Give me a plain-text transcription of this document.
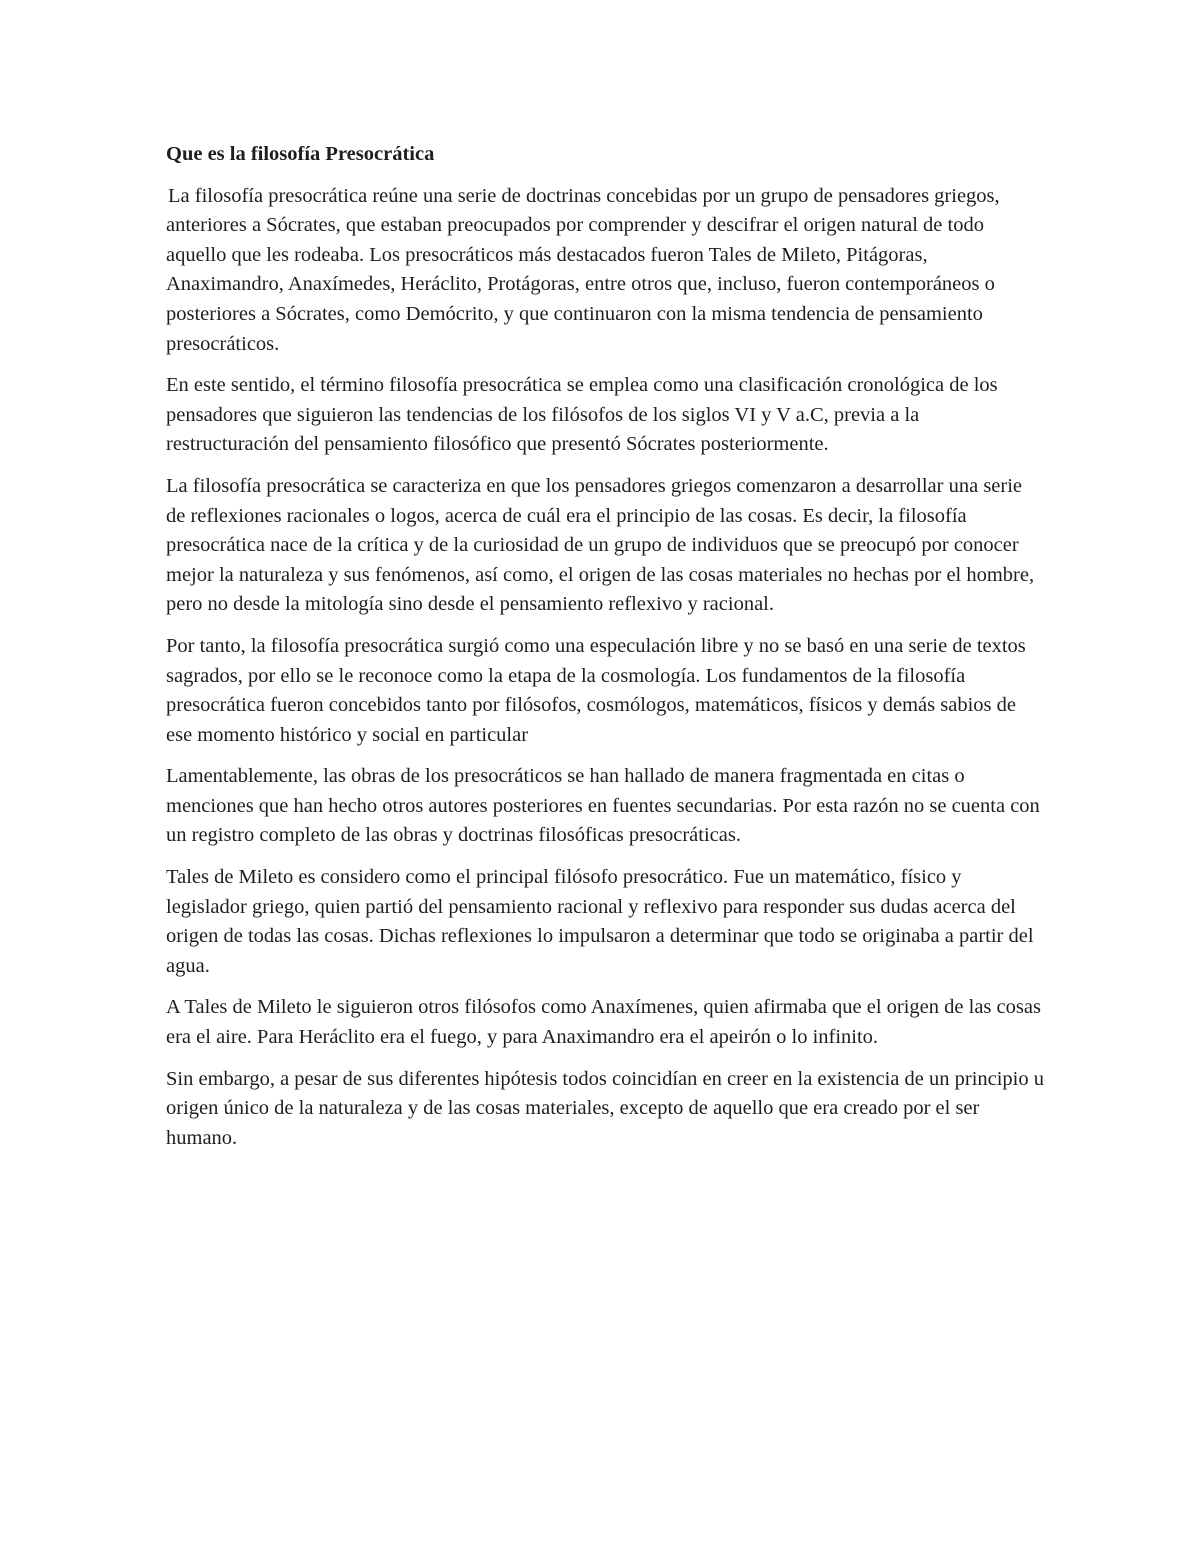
Que es la filosofía Presocrática

La filosofía presocrática reúne una serie de doctrinas concebidas por un grupo de pensadores griegos, anteriores a Sócrates, que estaban preocupados por comprender y descifrar el origen natural de todo aquello que les rodeaba. Los presocráticos más destacados fueron Tales de Mileto, Pitágoras, Anaximandro, Anaxímedes, Heráclito, Protágoras, entre otros que, incluso, fueron contemporáneos o posteriores a Sócrates, como Demócrito, y que continuaron con la misma tendencia de pensamiento presocráticos.

En este sentido, el término filosofía presocrática se emplea como una clasificación cronológica de los pensadores que siguieron las tendencias de los filósofos de los siglos VI y V a.C, previa a la restructuración del pensamiento filosófico que presentó Sócrates posteriormente.

La filosofía presocrática se caracteriza en que los pensadores griegos comenzaron a desarrollar una serie de reflexiones racionales o logos, acerca de cuál era el principio de las cosas. Es decir, la filosofía presocrática nace de la crítica y de la curiosidad de un grupo de individuos que se preocupó por conocer mejor la naturaleza y sus fenómenos, así como, el origen de las cosas materiales no hechas por el hombre, pero no desde la mitología sino desde el pensamiento reflexivo y racional.

Por tanto, la filosofía presocrática surgió como una especulación libre y no se basó en una serie de textos sagrados, por ello se le reconoce como la etapa de la cosmología. Los fundamentos de la filosofía presocrática fueron concebidos tanto por filósofos, cosmólogos, matemáticos, físicos y demás sabios de ese momento histórico y social en particular

Lamentablemente, las obras de los presocráticos se han hallado de manera fragmentada en citas o menciones que han hecho otros autores posteriores en fuentes secundarias. Por esta razón no se cuenta con un registro completo de las obras y doctrinas filosóficas presocráticas.

Tales de Mileto es considero como el principal filósofo presocrático. Fue un matemático, físico y legislador griego, quien partió del pensamiento racional y reflexivo para responder sus dudas acerca del origen de todas las cosas. Dichas reflexiones lo impulsaron a determinar que todo se originaba a partir del agua.

A Tales de Mileto le siguieron otros filósofos como Anaxímenes, quien afirmaba que el origen de las cosas era el aire. Para Heráclito era el fuego, y para Anaximandro era el apeirón o lo infinito.

Sin embargo, a pesar de sus diferentes hipótesis todos coincidían en creer en la existencia de un principio u origen único de la naturaleza y de las cosas materiales, excepto de aquello que era creado por el ser humano.
